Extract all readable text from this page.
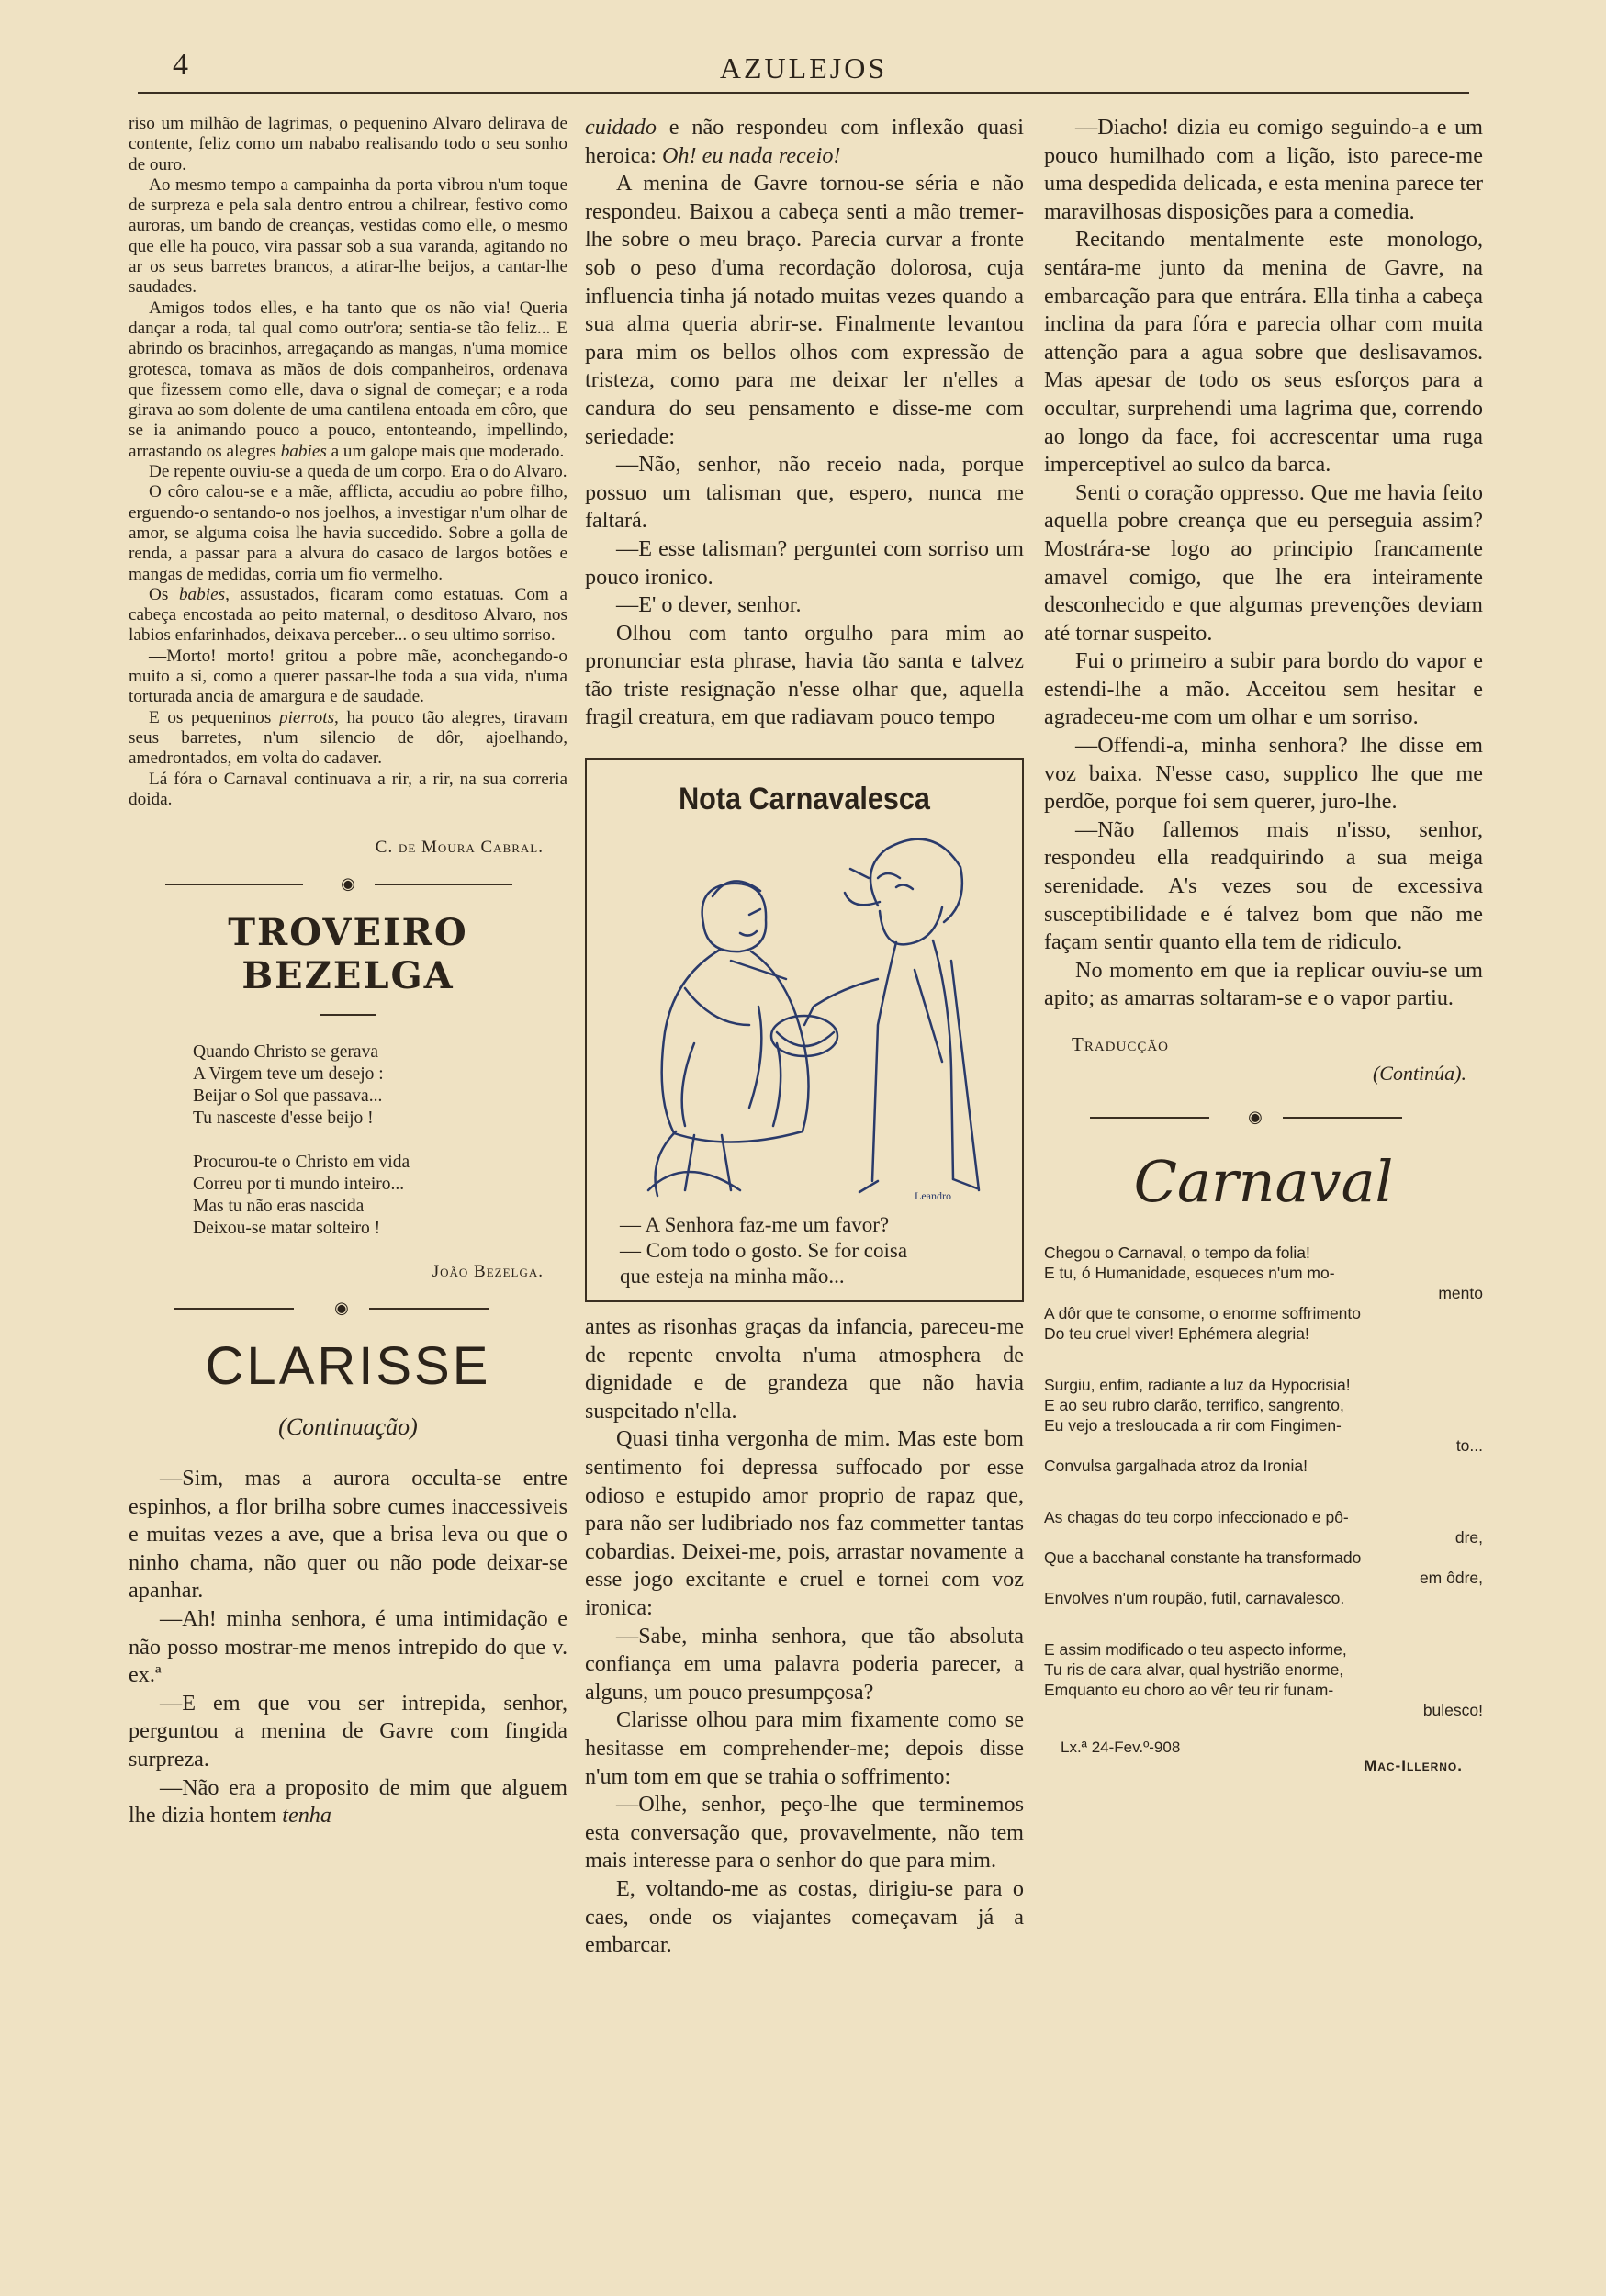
4	AZULEJOS

riso um milhão de lagrimas, o pequenino Alvaro delirava de contente, feliz como um nababo realisando todo o seu sonho de ouro.

Ao mesmo tempo a campainha da porta vibrou n'um toque de surpreza e pela sala dentro entrou a chilrear, festivo como auroras, um bando de creanças, vestidas como elle, o mesmo que elle ha pouco, vira passar sob a sua varanda, agitando no ar os seus barretes brancos, a atirar-lhe beijos, a cantar-lhe saudades.

Amigos todos elles, e ha tanto que os não via! Queria dançar a roda, tal qual como outr'ora; sentia-se tão feliz... E abrindo os bracinhos, arregaçando as mangas, n'uma momice grotesca, tomava as mãos de dois companheiros, ordenava que fizessem como elle, dava o signal de começar; e a roda girava ao som dolente de uma cantilena entoada em côro, que se ia animando pouco a pouco, entonteando, impellindo, arrastando os alegres babies a um galope mais que moderado.

De repente ouviu-se a queda de um corpo. Era o do Alvaro.

O côro calou-se e a mãe, afflicta, accudiu ao pobre filho, erguendo-o sentando-o nos joelhos, a investigar n'um olhar de amor, se alguma coisa lhe havia succedido. Sobre a golla de renda, a passar para a alvura do casaco de largos botões e mangas de medidas, corria um fio vermelho.

Os babies, assustados, ficaram como estatuas. Com a cabeça encostada ao peito maternal, o desditoso Alvaro, nos labios enfarinhados, deixava perceber... o seu ultimo sorriso.

—Morto! morto! gritou a pobre mãe, aconchegando-o muito a si, como a querer passar-lhe toda a sua vida, n'uma torturada ancia de amargura e de saudade.

E os pequeninos pierrots, ha pouco tão alegres, tiravam seus barretes, n'um silencio de dôr, ajoelhando, amedrontados, em volta do cadaver.

Lá fóra o Carnaval continuava a rir, a rir, na sua correria doida.

C. de Moura Cabral.
◉
TROVEIRO BEZELGA
Quando Christo se gerava
A Virgem teve um desejo :
Beijar o Sol que passava...
Tu nasceste d'esse beijo !
Procurou-te o Christo em vida
Correu por ti mundo inteiro...
Mas tu não eras nascida
Deixou-se matar solteiro !
João Bezelga.
◉
CLARISSE
(Continuação)

—Sim, mas a aurora occulta-se entre espinhos, a flor brilha sobre cumes inaccessiveis e muitas vezes a ave, que a brisa leva ou que o ninho chama, não quer ou não pode deixar-se apanhar.

—Ah! minha senhora, é uma intimidação e não posso mostrar-me menos intrepido do que v. ex.ª

—E em que vou ser intrepida, senhor, perguntou a menina de Gavre com fingida surpreza.

—Não era a proposito de mim que alguem lhe dizia hontem tenha

cuidado e não respondeu com inflexão quasi heroica: Oh! eu nada receio!

A menina de Gavre tornou-se séria e não respondeu. Baixou a cabeça senti a mão tremer-lhe sobre o meu braço. Parecia curvar a fronte sob o peso d'uma recordação dolorosa, cuja influencia tinha já notado muitas vezes quando a sua alma queria abrir-se. Finalmente levantou para mim os bellos olhos com expressão de tristeza, como para me deixar ler n'elles a candura do seu pensamento e disse-me com seriedade:

—Não, senhor, não receio nada, porque possuo um talisman que, espero, nunca me faltará.

—E esse talisman? perguntei com sorriso um pouco ironico.

—E' o dever, senhor.

Olhou com tanto orgulho para mim ao pronunciar esta phrase, havia tão santa e talvez tão triste resignação n'esse olhar que, aquella fragil creatura, em que radiavam pouco tempo

Nota Carnavalesca
Leandro
— A Senhora faz-me um favor?
— Com todo o gosto. Se for coisa
que esteja na minha mão...

antes as risonhas graças da infancia, pareceu-me de repente envolta n'uma atmosphera de dignidade e de grandeza que não havia suspeitado n'ella.

Quasi tinha vergonha de mim. Mas este bom sentimento foi depressa suffocado por esse odioso e estupido amor proprio de rapaz que, para não ser ludibriado nos faz commetter tantas cobardias. Deixei-me, pois, arrastar novamente a esse jogo excitante e cruel e tornei com voz ironica:

—Sabe, minha senhora, que tão absoluta confiança em uma palavra poderia parecer, a alguns, um pouco presumpçosa?

Clarisse olhou para mim fixamente como se hesitasse em comprehender-me; depois disse n'um tom em que se trahia o soffrimento:

—Olhe, senhor, peço-lhe que terminemos esta conversação que, provavelmente, não tem mais interesse para o senhor do que para mim.

E, voltando-me as costas, dirigiu-se para o caes, onde os viajantes começavam já a embarcar.

—Diacho! dizia eu comigo seguindo-a e um pouco humilhado com a lição, isto parece-me uma despedida delicada, e esta menina parece ter maravilhosas disposições para a comedia.

Recitando mentalmente este monologo, sentára-me junto da menina de Gavre, na embarcação para que entrára. Ella tinha a cabeça inclina da para fóra e parecia olhar com muita attenção para a agua sobre que deslisavamos. Mas apesar de todo os seus esforços para a occultar, surprehendi uma lagrima que, correndo ao longo da face, foi accrescentar uma ruga imperceptivel ao sulco da barca.

Senti o coração oppresso. Que me havia feito aquella pobre creança que eu perseguia assim? Mostrára-se logo ao principio francamente amavel comigo, que lhe era inteiramente desconhecido e que algumas prevenções deviam até tornar suspeito.

Fui o primeiro a subir para bordo do vapor e estendi-lhe a mão. Acceitou sem hesitar e agradeceu-me com um olhar e um sorriso.

—Offendi-a, minha senhora? lhe disse em voz baixa. N'esse caso, supplico lhe que me perdõe, porque foi sem querer, juro-lhe.

—Não fallemos mais n'isso, senhor, respondeu ella readquirindo a sua meiga serenidade. A's vezes sou de excessiva susceptibilidade e é talvez bom que não me façam sentir quanto ella tem de ridiculo.

No momento em que ia replicar ouviu-se um apito; as amarras soltaram-se e o vapor partiu.

Traducção
(Continúa).
◉
Carnaval
Chegou o Carnaval, o tempo da folia!
E tu, ó Humanidade, esqueces n'um mo-
mento
A dôr que te consome, o enorme soffrimento
Do teu cruel viver! Ephémera alegria!
Surgiu, enfim, radiante a luz da Hypocrisia!
E ao seu rubro clarão, terrifico, sangrento,
Eu vejo a tresloucada a rir com Fingimen-
to...
Convulsa gargalhada atroz da Ironia!
As chagas do teu corpo infeccionado e pô-
dre,
Que a bacchanal constante ha transformado
em ôdre,
Envolves n'um roupão, futil, carnavalesco.
E assim modificado o teu aspecto informe,
Tu ris de cara alvar, qual hystrião enorme,
Emquanto eu choro ao vêr teu rir funam-
bulesco!
Lx.ª 24-Fev.º-908
Mac-Illerno.
